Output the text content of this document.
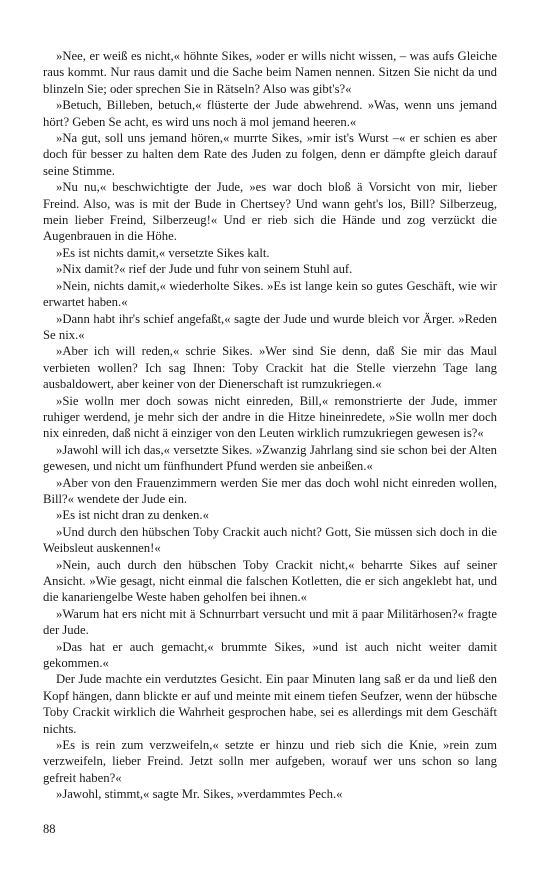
»Nee, er weiß es nicht,« höhnte Sikes, »oder er wills nicht wissen, – was aufs Gleiche raus kommt. Nur raus damit und die Sache beim Namen nennen. Sitzen Sie nicht da und blinzeln Sie; oder sprechen Sie in Rätseln? Also was gibt's?«

»Betuch, Billeben, betuch,« flüsterte der Jude abwehrend. »Was, wenn uns jemand hört? Geben Se acht, es wird uns noch ä mol jemand heeren.«

»Na gut, soll uns jemand hören,« murrte Sikes, »mir ist's Wurst –« er schien es aber doch für besser zu halten dem Rate des Juden zu folgen, denn er dämpfte gleich darauf seine Stimme.

»Nu nu,« beschwichtigte der Jude, »es war doch bloß ä Vorsicht von mir, lieber Freind. Also, was is mit der Bude in Chertsey? Und wann geht's los, Bill? Silberzeug, mein lieber Freind, Silberzeug!« Und er rieb sich die Hände und zog verzückt die Augenbrauen in die Höhe.

»Es ist nichts damit,« versetzte Sikes kalt.

»Nix damit?« rief der Jude und fuhr von seinem Stuhl auf.

»Nein, nichts damit,« wiederholte Sikes. »Es ist lange kein so gutes Geschäft, wie wir erwartet haben.«

»Dann habt ihr's schief angefaßt,« sagte der Jude und wurde bleich vor Ärger. »Reden Se nix.«

»Aber ich will reden,« schrie Sikes. »Wer sind Sie denn, daß Sie mir das Maul verbieten wollen? Ich sag Ihnen: Toby Crackit hat die Stelle vierzehn Tage lang ausbaldowert, aber keiner von der Dienerschaft ist rumzukriegen.«

»Sie wolln mer doch sowas nicht einreden, Bill,« remonstrierte der Jude, immer ruhiger werdend, je mehr sich der andre in die Hitze hineinredete, »Sie wolln mer doch nix einreden, daß nicht ä einziger von den Leuten wirklich rumzukriegen gewesen is?«

»Jawohl will ich das,« versetzte Sikes. »Zwanzig Jahrlang sind sie schon bei der Alten gewesen, und nicht um fünfhundert Pfund werden sie anbeißen.«

»Aber von den Frauenzimmern werden Sie mer das doch wohl nicht einreden wollen, Bill?« wendete der Jude ein.

»Es ist nicht dran zu denken.«

»Und durch den hübschen Toby Crackit auch nicht? Gott, Sie müssen sich doch in die Weibsleut auskennen!«

»Nein, auch durch den hübschen Toby Crackit nicht,« beharrte Sikes auf seiner Ansicht. »Wie gesagt, nicht einmal die falschen Kotletten, die er sich angeklebt hat, und die kanariengelbe Weste haben geholfen bei ihnen.«

»Warum hat ers nicht mit ä Schnurrbart versucht und mit ä paar Militärhosen?« fragte der Jude.

»Das hat er auch gemacht,« brummte Sikes, »und ist auch nicht weiter damit gekommen.«

Der Jude machte ein verdutztes Gesicht. Ein paar Minuten lang saß er da und ließ den Kopf hängen, dann blickte er auf und meinte mit einem tiefen Seufzer, wenn der hübsche Toby Crackit wirklich die Wahrheit gesprochen habe, sei es allerdings mit dem Geschäft nichts.

»Es is rein zum verzweifeln,« setzte er hinzu und rieb sich die Knie, »rein zum verzweifeln, lieber Freind. Jetzt solln mer aufgeben, worauf wer uns schon so lang gefreit haben?«

»Jawohl, stimmt,« sagte Mr. Sikes, »verdammtes Pech.«

88
